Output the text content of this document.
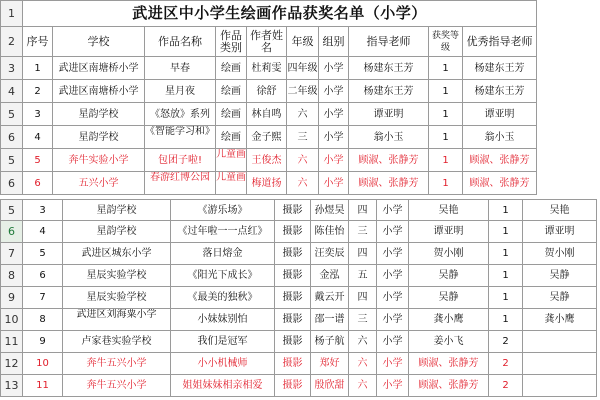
1	武进区中小学生绘画作品获奖名单（小学）									
2	序号	学校	作品名称	作品类别	作者姓名	年级	组别	指导老师	获奖等级	优秀指导老师
3	1	武进区南塘桥小学	早春	绘画	杜莉雯	四年级	小学	杨建东王芳	1	杨建东王芳
4	2	武进区南塘桥小学	星月夜	绘画	徐舒	二年级	小学	杨建东王芳	1	杨建东王芳
5	3	星韵学校	《怒放》系列	绘画	林自鸣	六	小学	谭亚明	1	谭亚明
6	4	星韵学校	《智能学习和》	绘画	金子熙	三	小学	翁小玉	1	翁小玉
5	5	奔牛实验小学	包团子啦!	儿童画	王俊杰	六	小学	顾淑、张静芳	1	顾淑、张静芳
6	6	五兴小学	春游红博公园	儿童画	梅道扬	六	小学	顾淑、张静芳	1	顾淑、张静芳
5	3	星韵学校	《游乐场》	摄影	孙煜昊	四	小学	吴艳	1	吴艳
6	4	星韵学校	《过年啦一一点红》	摄影	陈佳怡	三	小学	谭亚明	1	谭亚明
7	5	武进区城东小学	落日熔金	摄影	汪奕辰	四	小学	贺小刚	1	贺小刚
8	6	星辰实验学校	《阳光下成长》	摄影	金泓	五	小学	吴静	1	吴静
9	7	星辰实验学校	《最美的独秋》	摄影	戴云开	四	小学	吴静	1	吴静
10	8	武进区刘海粟小学	小妹妹别怕	摄影	邵一谱	三	小学	龚小鹰	1	龚小鹰
11	9	卢家巷实验学校	我们是冠军	摄影	杨子航	六	小学	姜小飞	2	
12	10	奔牛五兴小学	小小机械师	摄影	郑好	六	小学	顾淑、张静芳	2	
13	11	奔牛五兴小学	姐姐妹妹相亲相爱	摄影	殷欣甜	六	小学	顾淑、张静芳	2	
